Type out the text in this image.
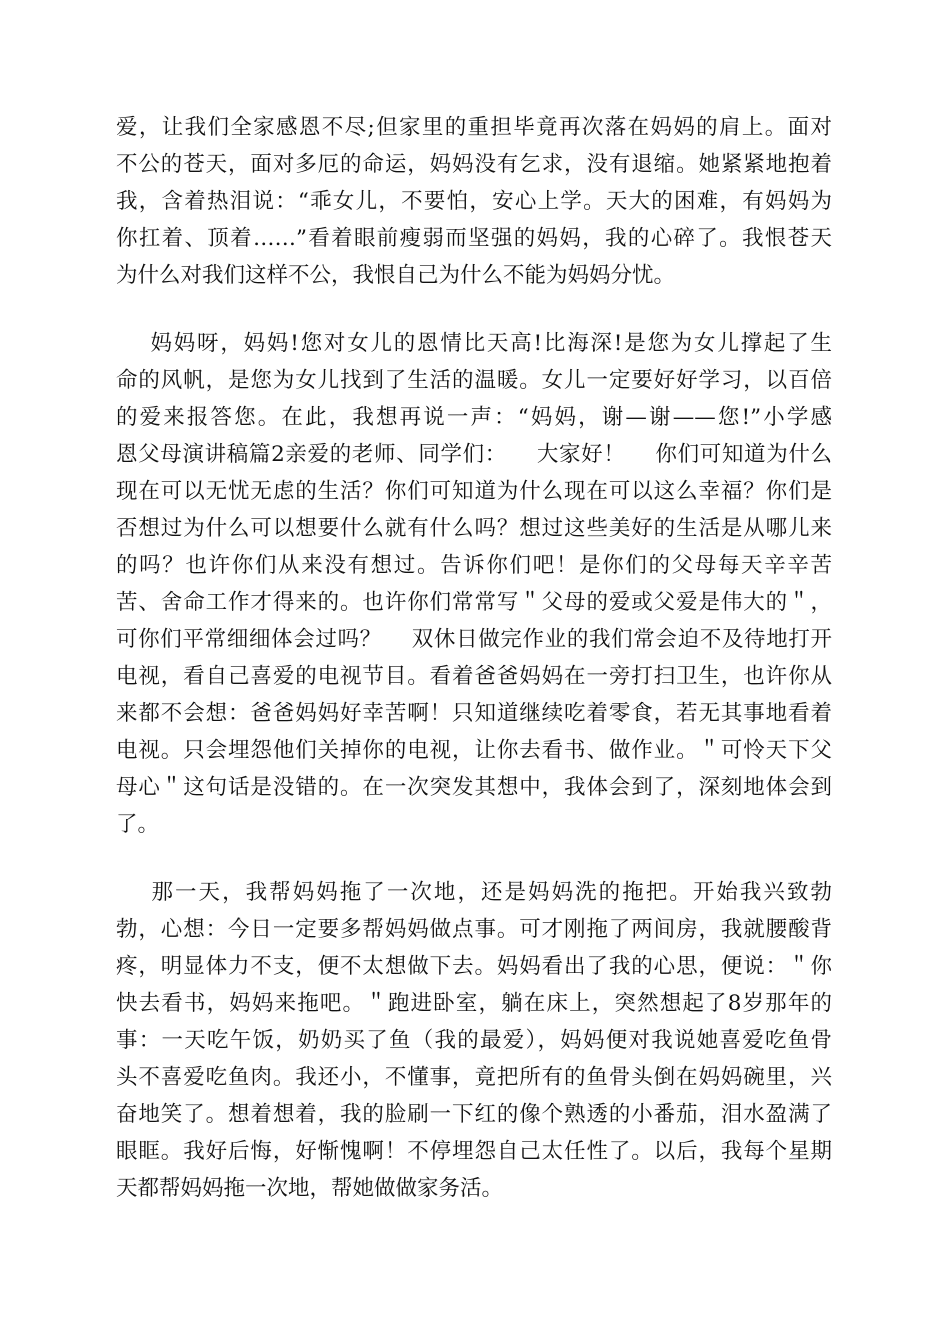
爱，让我们全家感恩不尽;但家里的重担毕竟再次落在妈妈的肩上。面对
不公的苍天，面对多厄的命运，妈妈没有乞求，没有退缩。她紧紧地抱着
我，含着热泪说：“乖女儿，不要怕，安心上学。天大的困难，有妈妈为
你扛着、顶着……”看着眼前瘦弱而坚强的妈妈，我的心碎了。我恨苍天
为什么对我们这样不公，我恨自己为什么不能为妈妈分忧。
妈妈呀，妈妈!您对女儿的恩情比天高!比海深!是您为女儿撑起了生
命的风帆，是您为女儿找到了生活的温暖。女儿一定要好好学习，以百倍
的爱来报答您。在此，我想再说一声：“妈妈，谢—谢——您!”小学感
恩父母演讲稿篇2亲爱的老师、同学们：    大家好！    你们可知道为什么
现在可以无忧无虑的生活？你们可知道为什么现在可以这么幸福？你们是
否想过为什么可以想要什么就有什么吗？想过这些美好的生活是从哪儿来
的吗？也许你们从来没有想过。告诉你们吧！是你们的父母每天辛辛苦
苦、舍命工作才得来的。也许你们常常写＂父母的爱或父爱是伟大的＂，
可你们平常细细体会过吗？    双休日做完作业的我们常会迫不及待地打开
电视，看自己喜爱的电视节目。看着爸爸妈妈在一旁打扫卫生，也许你从
来都不会想：爸爸妈妈好幸苦啊！只知道继续吃着零食，若无其事地看着
电视。只会埋怨他们关掉你的电视，让你去看书、做作业。＂可怜天下父
母心＂这句话是没错的。在一次突发其想中，我体会到了，深刻地体会到
了。
那一天，我帮妈妈拖了一次地，还是妈妈洗的拖把。开始我兴致勃
勃，心想：今日一定要多帮妈妈做点事。可才刚拖了两间房，我就腰酸背
疼，明显体力不支，便不太想做下去。妈妈看出了我的心思，便说：＂你
快去看书，妈妈来拖吧。＂跑进卧室，躺在床上，突然想起了8岁那年的
事：一天吃午饭，奶奶买了鱼（我的最爱），妈妈便对我说她喜爱吃鱼骨
头不喜爱吃鱼肉。我还小，不懂事，竟把所有的鱼骨头倒在妈妈碗里，兴
奋地笑了。想着想着，我的脸刷一下红的像个熟透的小番茄，泪水盈满了
眼眶。我好后悔，好惭愧啊！不停埋怨自己太任性了。以后，我每个星期
天都帮妈妈拖一次地，帮她做做家务活。
